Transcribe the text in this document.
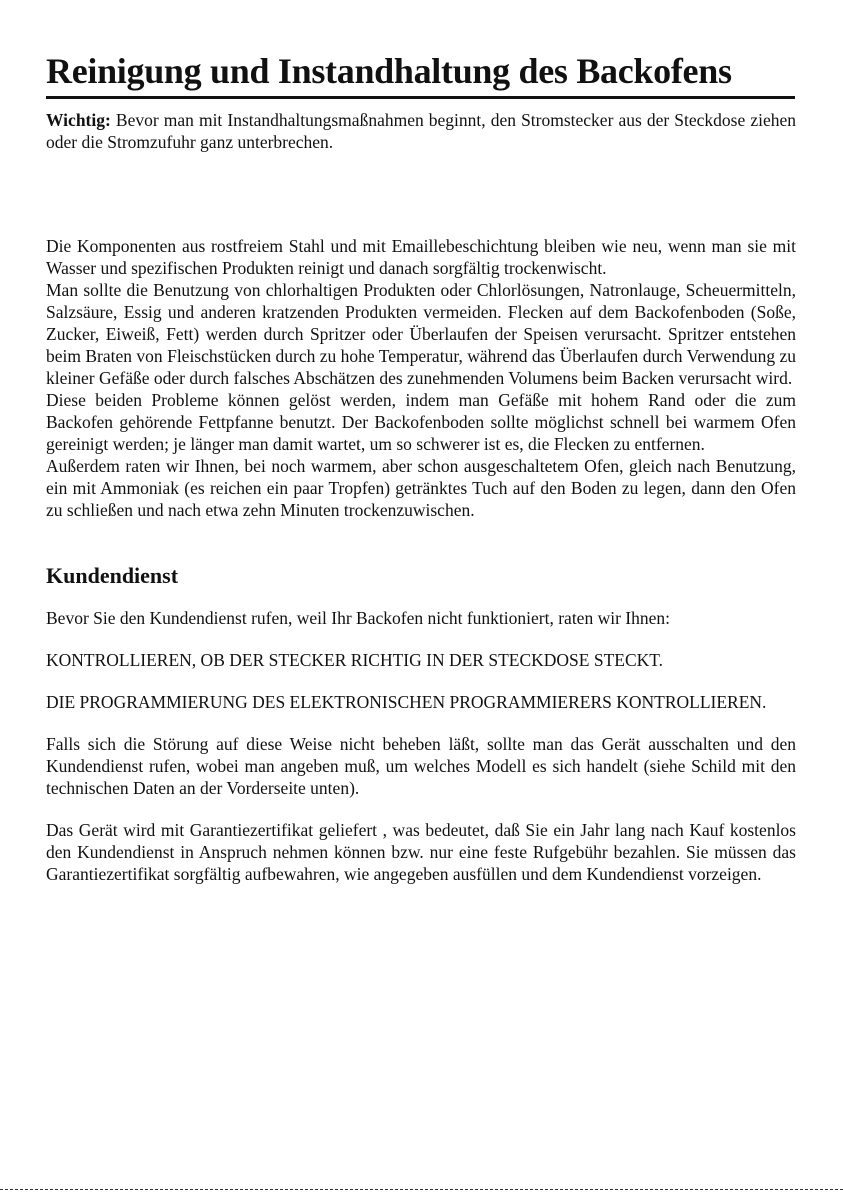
Reinigung und Instandhaltung des Backofens

Wichtig: Bevor man mit Instandhaltungsmaßnahmen beginnt, den Stromstecker aus der Steckdose ziehen oder die Stromzufuhr ganz unterbrechen.

Die Komponenten aus rostfreiem Stahl und mit Emaillebeschichtung bleiben wie neu, wenn man sie mit Wasser und spezifischen Produkten reinigt und danach sorgfältig trockenwischt.

Man sollte die Benutzung von chlorhaltigen Produkten oder Chlorlösungen, Natronlauge, Scheuermitteln, Salzsäure, Essig und anderen kratzenden Produkten vermeiden. Flecken auf dem Backofenboden (Soße, Zucker, Eiweiß, Fett) werden durch Spritzer oder Überlaufen der Speisen verursacht. Spritzer entstehen beim Braten von Fleischstücken durch zu hohe Temperatur, während das Überlaufen durch Verwendung zu kleiner Gefäße oder durch falsches Abschätzen des zunehmenden Volumens beim Backen verursacht wird.

Diese beiden Probleme können gelöst werden, indem man Gefäße mit hohem Rand oder die zum Backofen gehörende Fettpfanne benutzt. Der Backofenboden sollte möglichst schnell bei warmem Ofen gereinigt werden; je länger man damit wartet, um so schwerer ist es, die Flecken zu entfernen.

Außerdem raten wir Ihnen, bei noch warmem, aber schon ausgeschaltetem Ofen, gleich nach Benutzung, ein mit Ammoniak (es reichen ein paar Tropfen) getränktes Tuch auf den Boden zu legen, dann den Ofen zu schließen und nach etwa zehn Minuten trockenzuwischen.

Kundendienst

Bevor Sie den Kundendienst rufen, weil Ihr Backofen nicht funktioniert, raten wir Ihnen:

KONTROLLIEREN, OB DER STECKER RICHTIG IN DER STECKDOSE STECKT.

DIE PROGRAMMIERUNG DES ELEKTRONISCHEN PROGRAMMIERERS KONTROLLIEREN.

Falls sich die Störung auf diese Weise nicht beheben läßt, sollte man das Gerät ausschalten und den Kundendienst rufen, wobei man angeben muß, um welches Modell es sich handelt (siehe Schild mit den technischen Daten an der Vorderseite unten).

Das Gerät wird mit Garantiezertifikat geliefert , was bedeutet, daß Sie ein Jahr lang nach Kauf kostenlos den Kundendienst in Anspruch nehmen können bzw. nur eine feste Rufgebühr bezahlen. Sie müssen das Garantiezertifikat sorgfältig aufbewahren, wie angegeben ausfüllen und dem Kundendienst vorzeigen.
